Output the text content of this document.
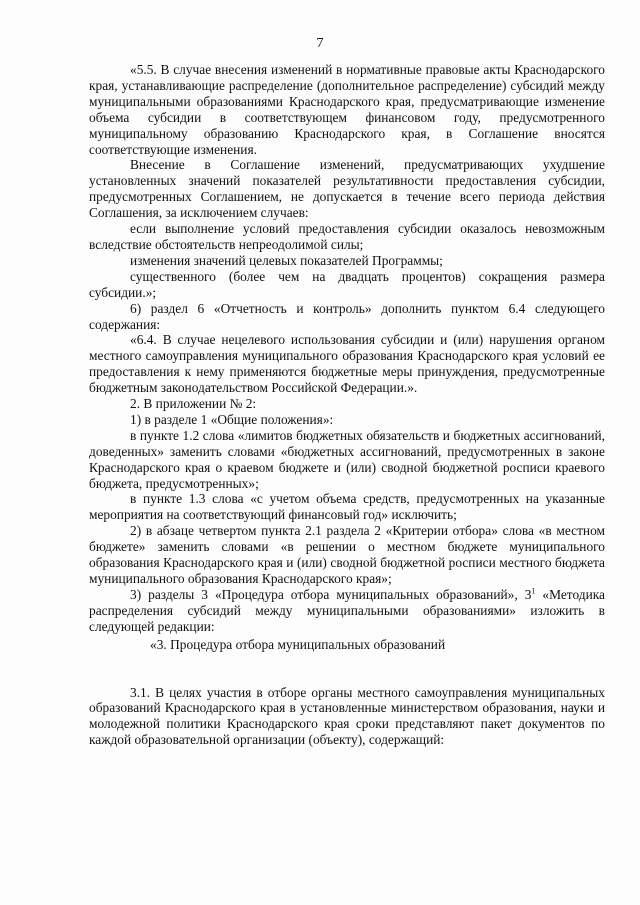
7

«5.5. В случае внесения изменений в нормативные правовые акты Краснодарского края, устанавливающие распределение (дополнительное распределение) субсидий между муниципальными образованиями Краснодарского края, предусматривающие изменение объема субсидии в соответствующем финансовом году, предусмотренного муниципальному образованию Краснодарского края, в Соглашение вносятся соответствующие изменения.

Внесение в Соглашение изменений, предусматривающих ухудшение установленных значений показателей результативности предоставления субсидии, предусмотренных Соглашением, не допускается в течение всего периода действия Соглашения, за исключением случаев:

если выполнение условий предоставления субсидии оказалось невозможным вследствие обстоятельств непреодолимой силы;

изменения значений целевых показателей Программы;

существенного (более чем на двадцать процентов) сокращения размера субсидии.»;

6) раздел 6 «Отчетность и контроль» дополнить пунктом 6.4 следующего содержания:

«6.4. В случае нецелевого использования субсидии и (или) нарушения органом местного самоуправления муниципального образования Краснодарского края условий ее предоставления к нему применяются бюджетные меры принуждения, предусмотренные бюджетным законодательством Российской Федерации.».

2. В приложении № 2:

1) в разделе 1 «Общие положения»:

в пункте 1.2 слова «лимитов бюджетных обязательств и бюджетных ассигнований, доведенных» заменить словами «бюджетных ассигнований, предусмотренных в законе Краснодарского края о краевом бюджете и (или) сводной бюджетной росписи краевого бюджета, предусмотренных»;

в пункте 1.3 слова «с учетом объема средств, предусмотренных на указанные мероприятия на соответствующий финансовый год» исключить;

2) в абзаце четвертом пункта 2.1 раздела 2 «Критерии отбора» слова «в местном бюджете» заменить словами «в решении о местном бюджете муниципального образования Краснодарского края и (или) сводной бюджетной росписи местного бюджета муниципального образования Краснодарского края»;

3) разделы 3 «Процедура отбора муниципальных образований», $3^1$ «Методика распределения субсидий между муниципальными образованиями» изложить в следующей редакции:

«3. Процедура отбора муниципальных образований

3.1. В целях участия в отборе органы местного самоуправления муниципальных образований Краснодарского края в установленные министерством образования, науки и молодежной политики Краснодарского края сроки представляют пакет документов по каждой образовательной организации (объекту), содержащий:
